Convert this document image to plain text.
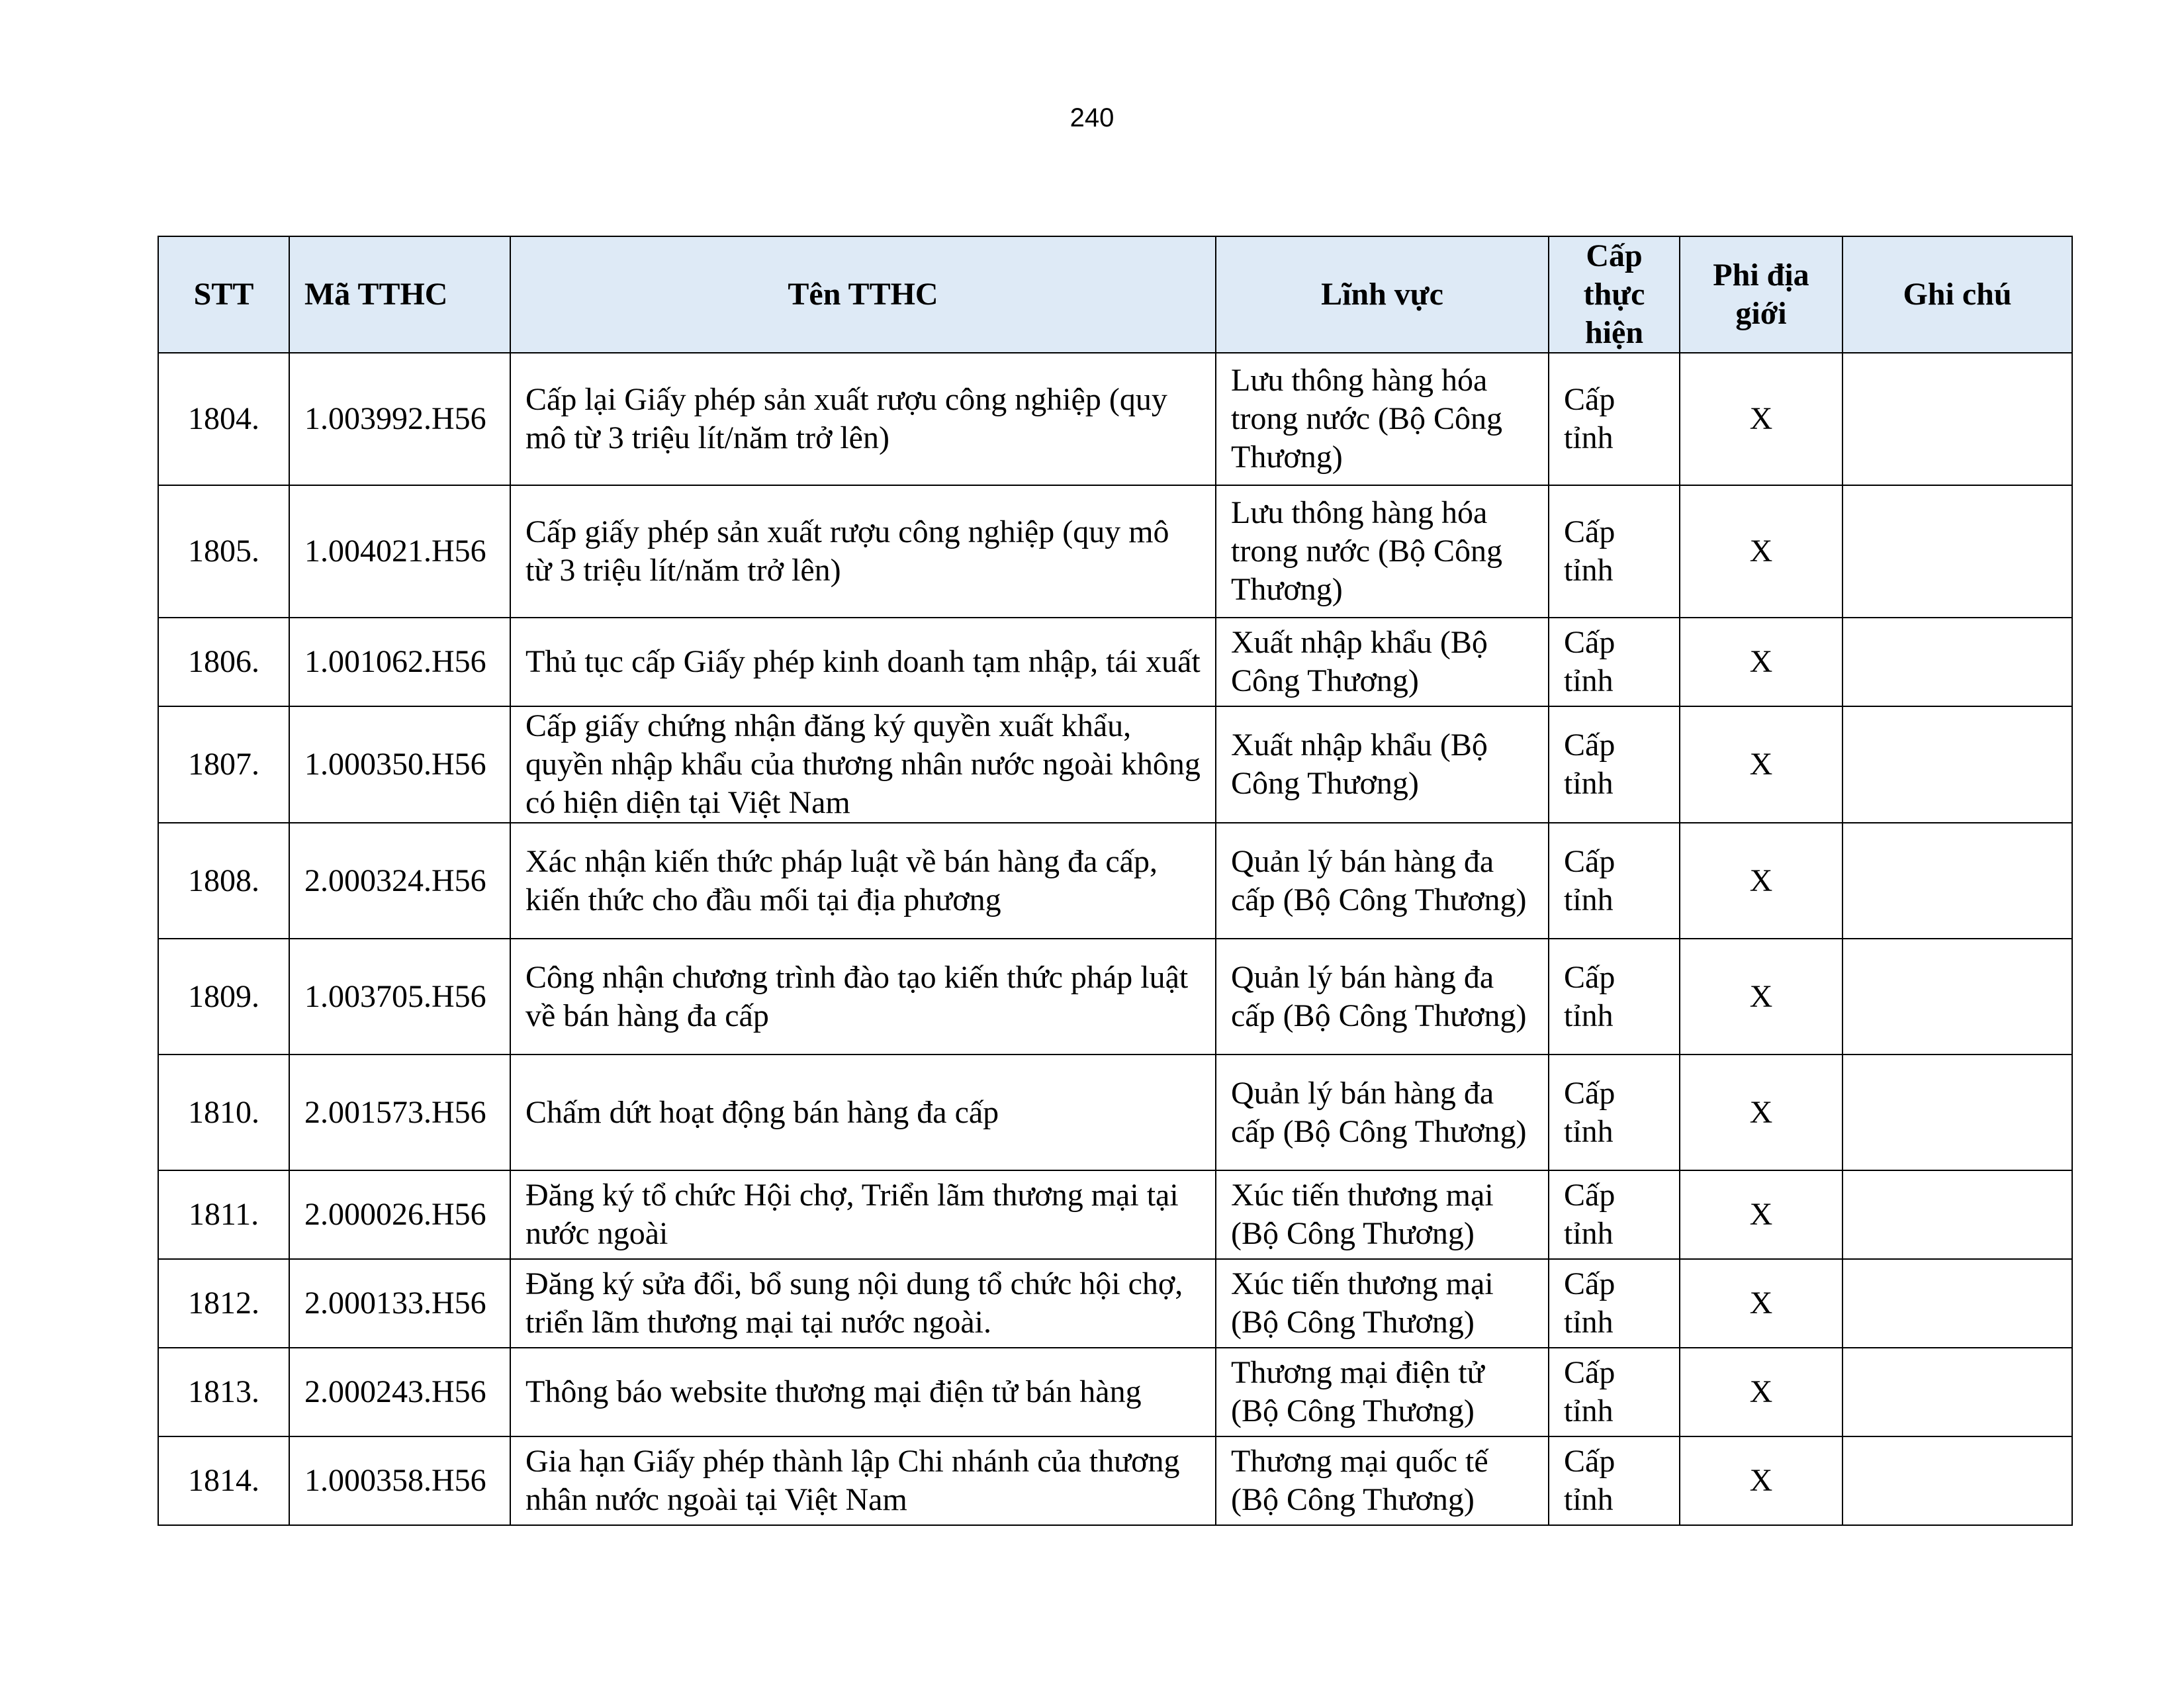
240
STT	Mã TTHC	Tên TTHC	Lĩnh vực	Cấp thực hiện	Phi địa giới	Ghi chú
1804.	1.003992.H56	Cấp lại Giấy phép sản xuất rượu công nghiệp (quy mô từ 3 triệu lít/năm trở lên)	Lưu thông hàng hóa trong nước (Bộ Công Thương)	Cấp tỉnh	X	
1805.	1.004021.H56	Cấp giấy phép sản xuất rượu công nghiệp (quy mô từ 3 triệu lít/năm trở lên)	Lưu thông hàng hóa trong nước (Bộ Công Thương)	Cấp tỉnh	X	
1806.	1.001062.H56	Thủ tục cấp Giấy phép kinh doanh tạm nhập, tái xuất	Xuất nhập khẩu (Bộ Công Thương)	Cấp tỉnh	X	
1807.	1.000350.H56	Cấp giấy chứng nhận đăng ký quyền xuất khẩu, quyền nhập khẩu của thương nhân nước ngoài không có hiện diện tại Việt Nam	Xuất nhập khẩu (Bộ Công Thương)	Cấp tỉnh	X	
1808.	2.000324.H56	Xác nhận kiến thức pháp luật về bán hàng đa cấp, kiến thức cho đầu mối tại địa phương	Quản lý bán hàng đa cấp (Bộ Công Thương)	Cấp tỉnh	X	
1809.	1.003705.H56	Công nhận chương trình đào tạo kiến thức pháp luật về bán hàng đa cấp	Quản lý bán hàng đa cấp (Bộ Công Thương)	Cấp tỉnh	X	
1810.	2.001573.H56	Chấm dứt hoạt động bán hàng đa cấp	Quản lý bán hàng đa cấp (Bộ Công Thương)	Cấp tỉnh	X	
1811.	2.000026.H56	Đăng ký tổ chức Hội chợ, Triển lãm thương mại tại nước ngoài	Xúc tiến thương mại (Bộ Công Thương)	Cấp tỉnh	X	
1812.	2.000133.H56	Đăng ký sửa đổi, bổ sung nội dung tổ chức hội chợ, triển lãm thương mại tại nước ngoài.	Xúc tiến thương mại (Bộ Công Thương)	Cấp tỉnh	X	
1813.	2.000243.H56	Thông báo website thương mại điện tử bán hàng	Thương mại điện tử (Bộ Công Thương)	Cấp tỉnh	X	
1814.	1.000358.H56	Gia hạn Giấy phép thành lập Chi nhánh của thương nhân nước ngoài tại Việt Nam	Thương mại quốc tế (Bộ Công Thương)	Cấp tỉnh	X	
